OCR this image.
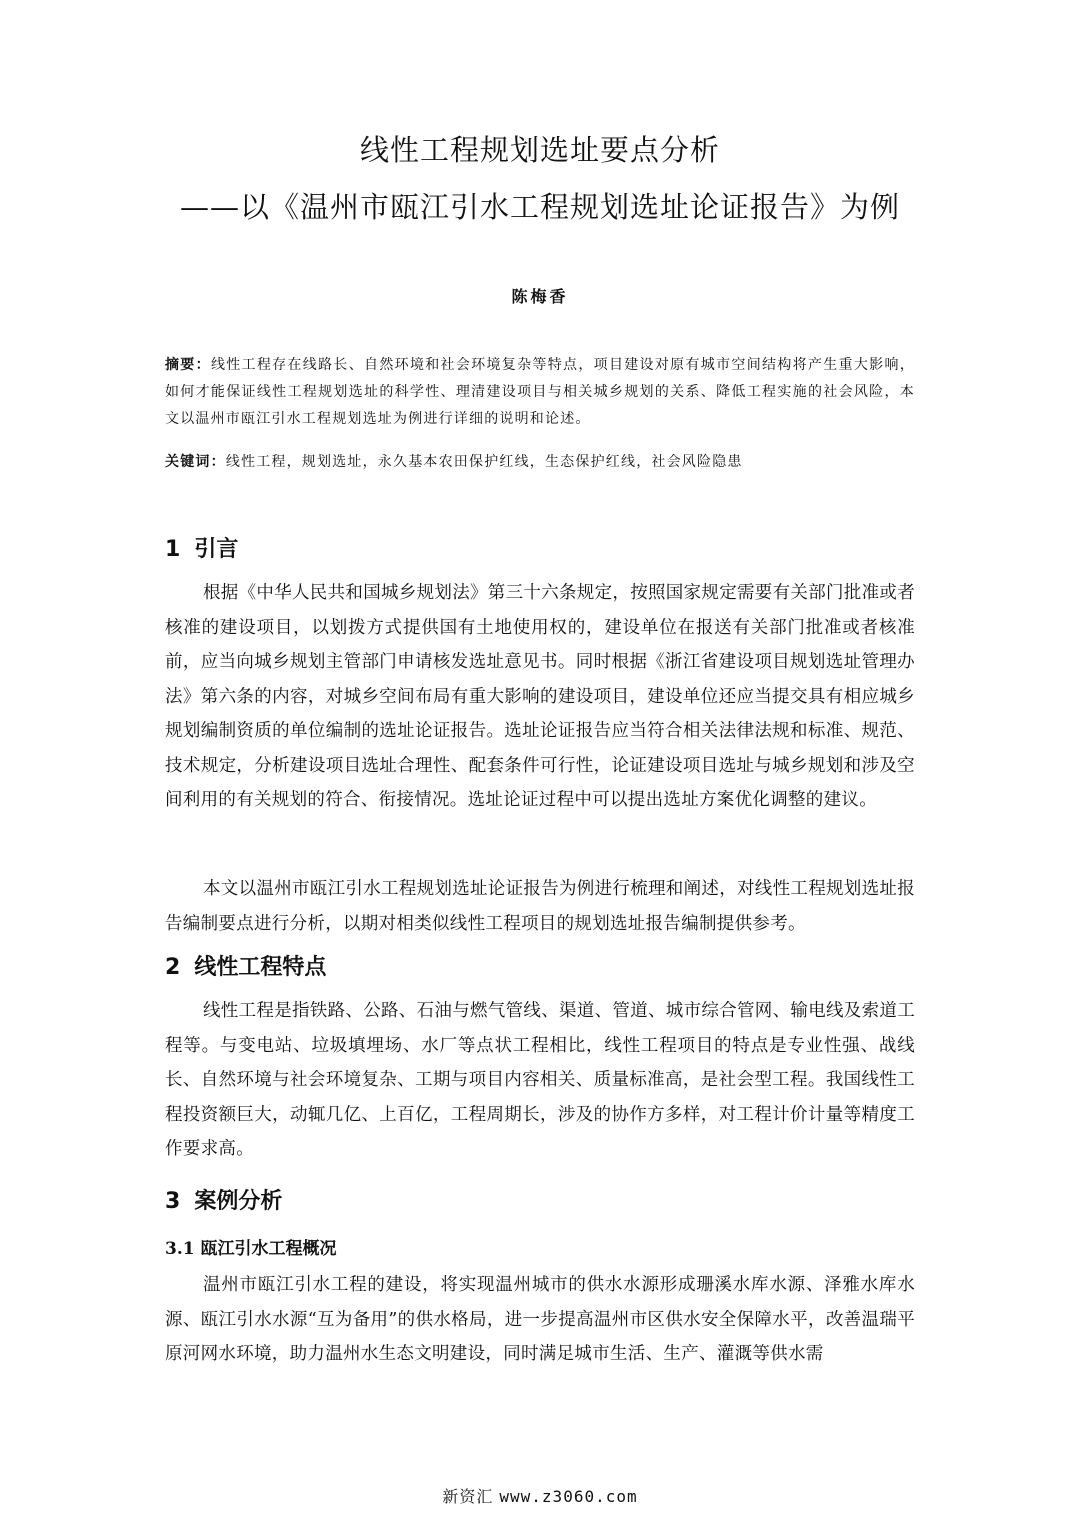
线性工程规划选址要点分析
——以《温州市瓯江引水工程规划选址论证报告》为例
陈梅香

摘要：线性工程存在线路长、自然环境和社会环境复杂等特点，项目建设对原有城市空间结构将产生重大影响，如何才能保证线性工程规划选址的科学性、理清建设项目与相关城乡规划的关系、降低工程实施的社会风险，本文以温州市瓯江引水工程规划选址为例进行详细的说明和论述。

关键词：线性工程，规划选址，永久基本农田保护红线，生态保护红线，社会风险隐患

1 引言

根据《中华人民共和国城乡规划法》第三十六条规定，按照国家规定需要有关部门批准或者核准的建设项目，以划拨方式提供国有土地使用权的，建设单位在报送有关部门批准或者核准前，应当向城乡规划主管部门申请核发选址意见书。同时根据《浙江省建设项目规划选址管理办法》第六条的内容，对城乡空间布局有重大影响的建设项目，建设单位还应当提交具有相应城乡规划编制资质的单位编制的选址论证报告。选址论证报告应当符合相关法律法规和标准、规范、技术规定，分析建设项目选址合理性、配套条件可行性，论证建设项目选址与城乡规划和涉及空间利用的有关规划的符合、衔接情况。选址论证过程中可以提出选址方案优化调整的建议。

本文以温州市瓯江引水工程规划选址论证报告为例进行梳理和阐述，对线性工程规划选址报告编制要点进行分析，以期对相类似线性工程项目的规划选址报告编制提供参考。

2 线性工程特点

线性工程是指铁路、公路、石油与燃气管线、渠道、管道、城市综合管网、输电线及索道工程等。与变电站、垃圾填埋场、水厂等点状工程相比，线性工程项目的特点是专业性强、战线长、自然环境与社会环境复杂、工期与项目内容相关、质量标准高，是社会型工程。我国线性工程投资额巨大，动辄几亿、上百亿，工程周期长，涉及的协作方多样，对工程计价计量等精度工作要求高。

3 案例分析
3.1 瓯江引水工程概况

温州市瓯江引水工程的建设，将实现温州城市的供水水源形成珊溪水库水源、泽雅水库水源、瓯江引水水源“互为备用”的供水格局，进一步提高温州市区供水安全保障水平，改善温瑞平原河网水环境，助力温州水生态文明建设，同时满足城市生活、生产、灌溉等供水需

新资汇 www.z3060.com
